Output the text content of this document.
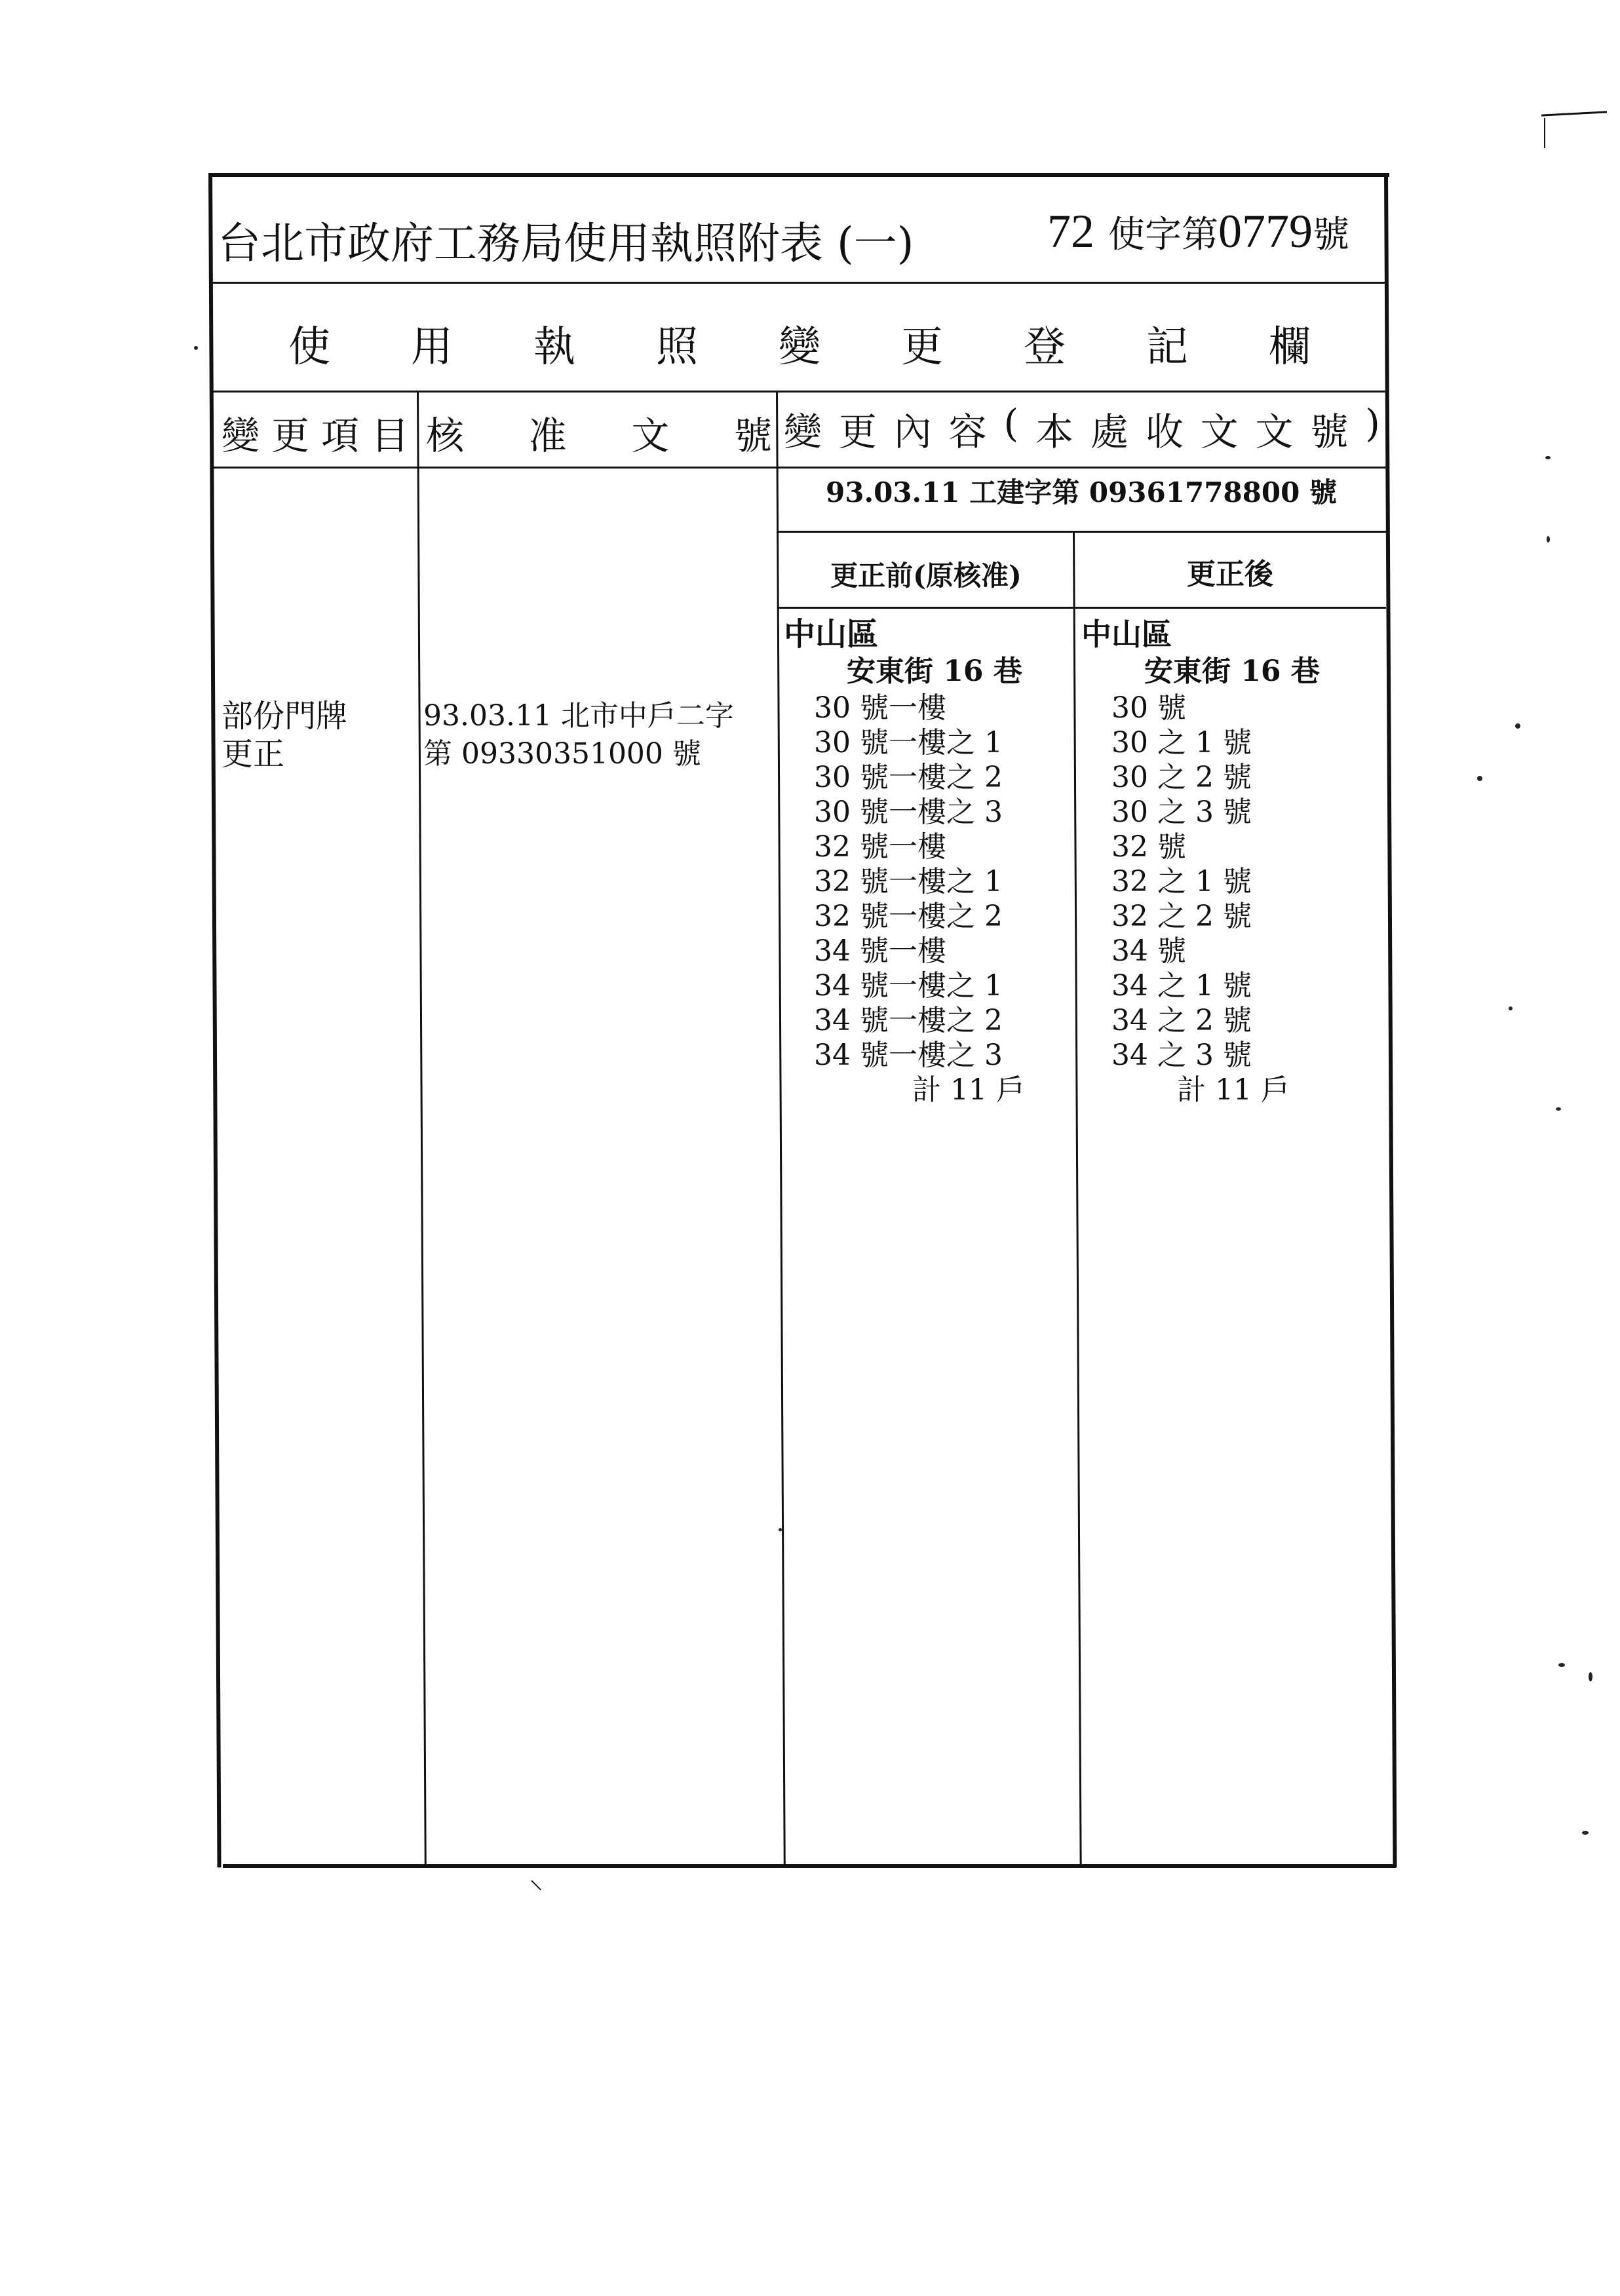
台北市政府工務局使用執照附表 (一)	72 使字第0779號
使 用 執 照 變 更 登 記 欄
變 更 項 目 核 准 文 號 變 更 內 容 ( 本 處 收 文 文 號 )
部份門牌
更正
93.03.11 北市中戶二字
第 09330351000 號
93.03.11 工建字第 09361778800 號
更正前(原核准)	更正後
中山區
安東街 16 巷
30 號一樓
30 號一樓之 1
30 號一樓之 2
30 號一樓之 3
32 號一樓
32 號一樓之 1
32 號一樓之 2
34 號一樓
34 號一樓之 1
34 號一樓之 2
34 號一樓之 3
計 11 戶
中山區
安東街 16 巷
30 號
30 之 1 號
30 之 2 號
30 之 3 號
32 號
32 之 1 號
32 之 2 號
34 號
34 之 1 號
34 之 2 號
34 之 3 號
計 11 戶
